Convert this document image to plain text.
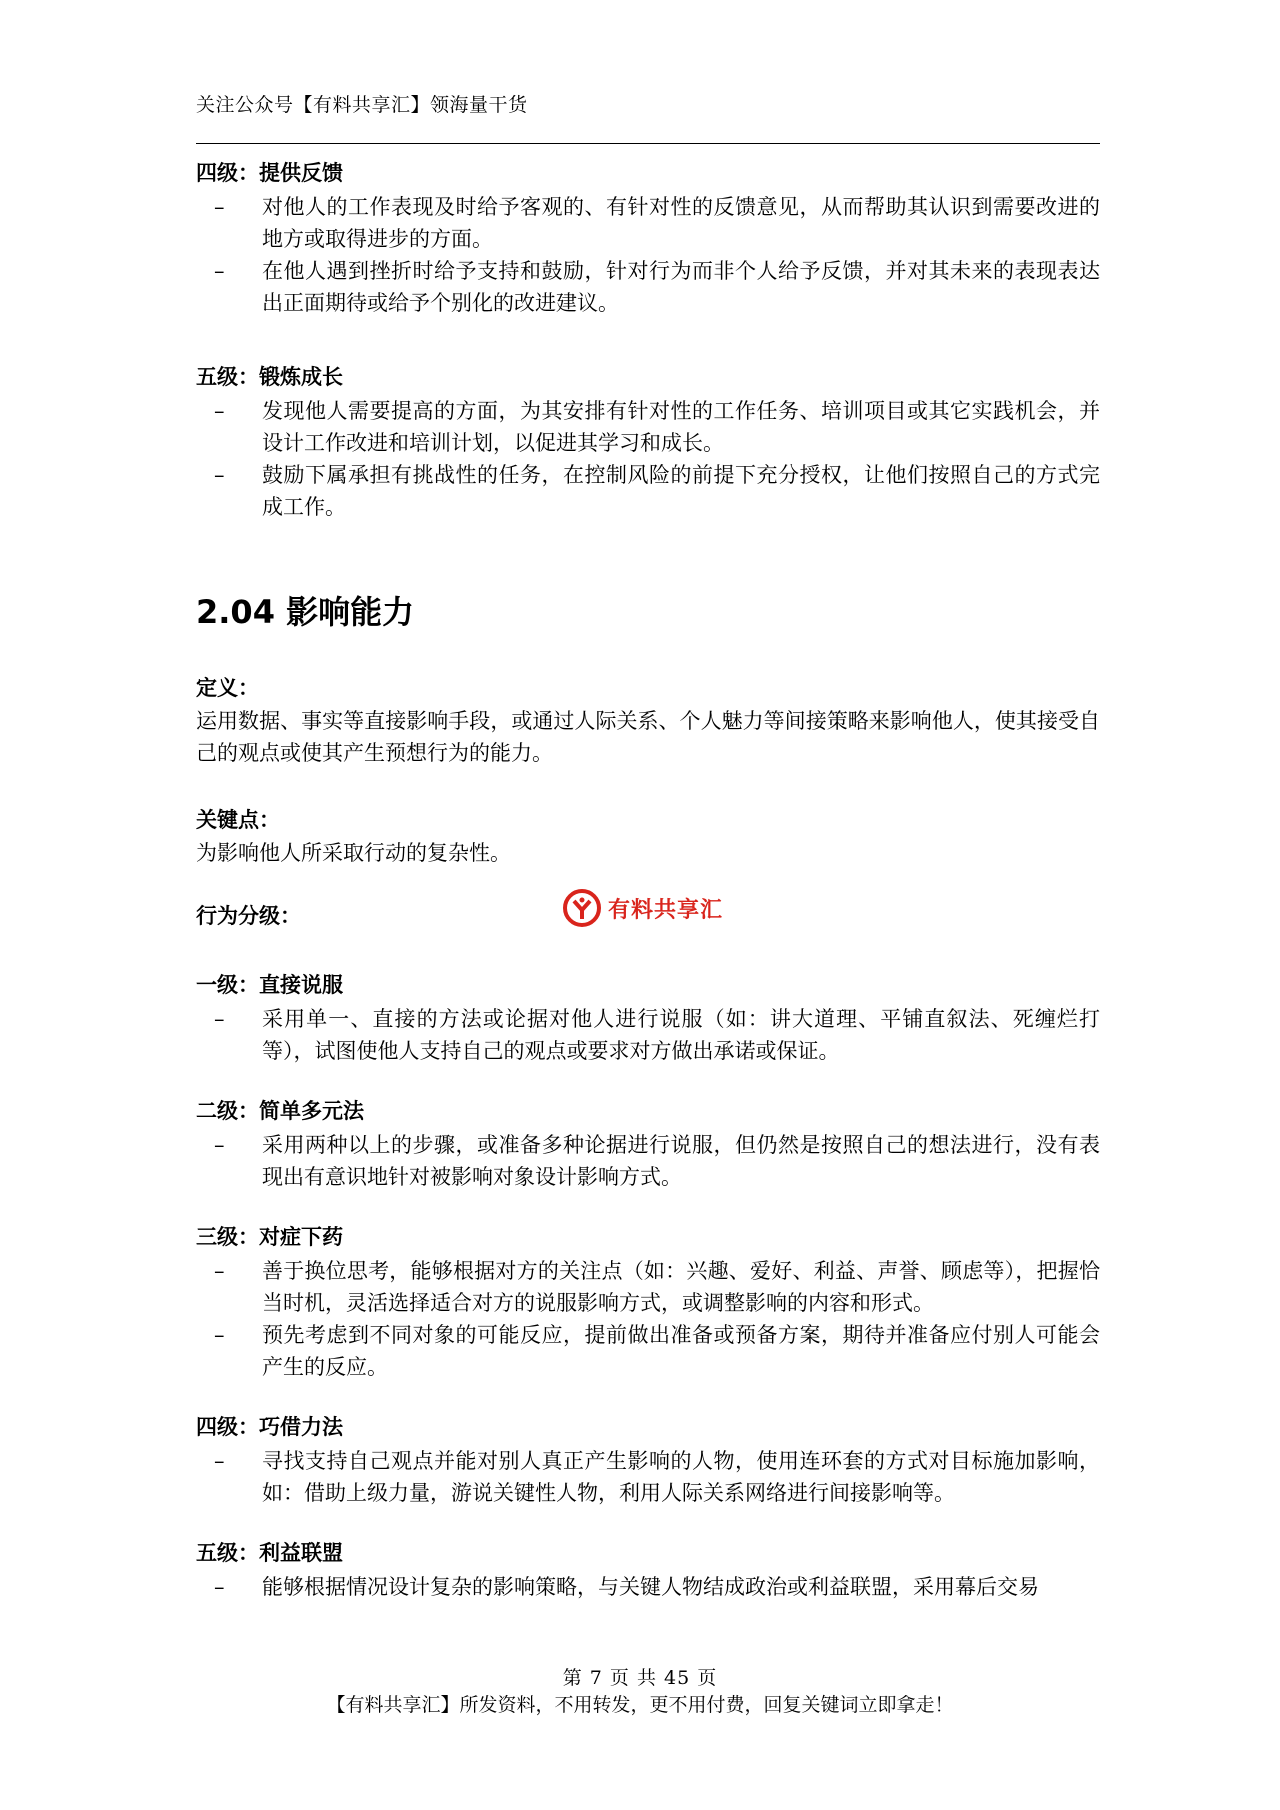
关注公众号【有料共享汇】领海量干货
四级：提供反馈
– 对他人的工作表现及时给予客观的、有针对性的反馈意见，从而帮助其认识到需要改进的地方或取得进步的方面。
– 在他人遇到挫折时给予支持和鼓励，针对行为而非个人给予反馈，并对其未来的表现表达出正面期待或给予个别化的改进建议。
五级：锻炼成长
– 发现他人需要提高的方面，为其安排有针对性的工作任务、培训项目或其它实践机会，并设计工作改进和培训计划，以促进其学习和成长。
– 鼓励下属承担有挑战性的任务，在控制风险的前提下充分授权，让他们按照自己的方式完成工作。
2.04 影响能力
定义：

运用数据、事实等直接影响手段，或通过人际关系、个人魅力等间接策略来影响他人，使其接受自己的观点或使其产生预想行为的能力。

关键点：

为影响他人所采取行动的复杂性。

行为分级：
一级：直接说服
– 采用单一、直接的方法或论据对他人进行说服（如：讲大道理、平铺直叙法、死缠烂打等），试图使他人支持自己的观点或要求对方做出承诺或保证。
二级：简单多元法
– 采用两种以上的步骤，或准备多种论据进行说服，但仍然是按照自己的想法进行，没有表现出有意识地针对被影响对象设计影响方式。
三级：对症下药
– 善于换位思考，能够根据对方的关注点（如：兴趣、爱好、利益、声誉、顾虑等），把握恰当时机，灵活选择适合对方的说服影响方式，或调整影响的内容和形式。
– 预先考虑到不同对象的可能反应，提前做出准备或预备方案，期待并准备应付别人可能会产生的反应。
四级：巧借力法
– 寻找支持自己观点并能对别人真正产生影响的人物，使用连环套的方式对目标施加影响，如：借助上级力量，游说关键性人物，利用人际关系网络进行间接影响等。
五级：利益联盟
– 能够根据情况设计复杂的影响策略，与关键人物结成政治或利益联盟，采用幕后交易
有料共享汇
第 7 页 共 45 页
【有料共享汇】所发资料，不用转发，更不用付费，回复关键词立即拿走！
